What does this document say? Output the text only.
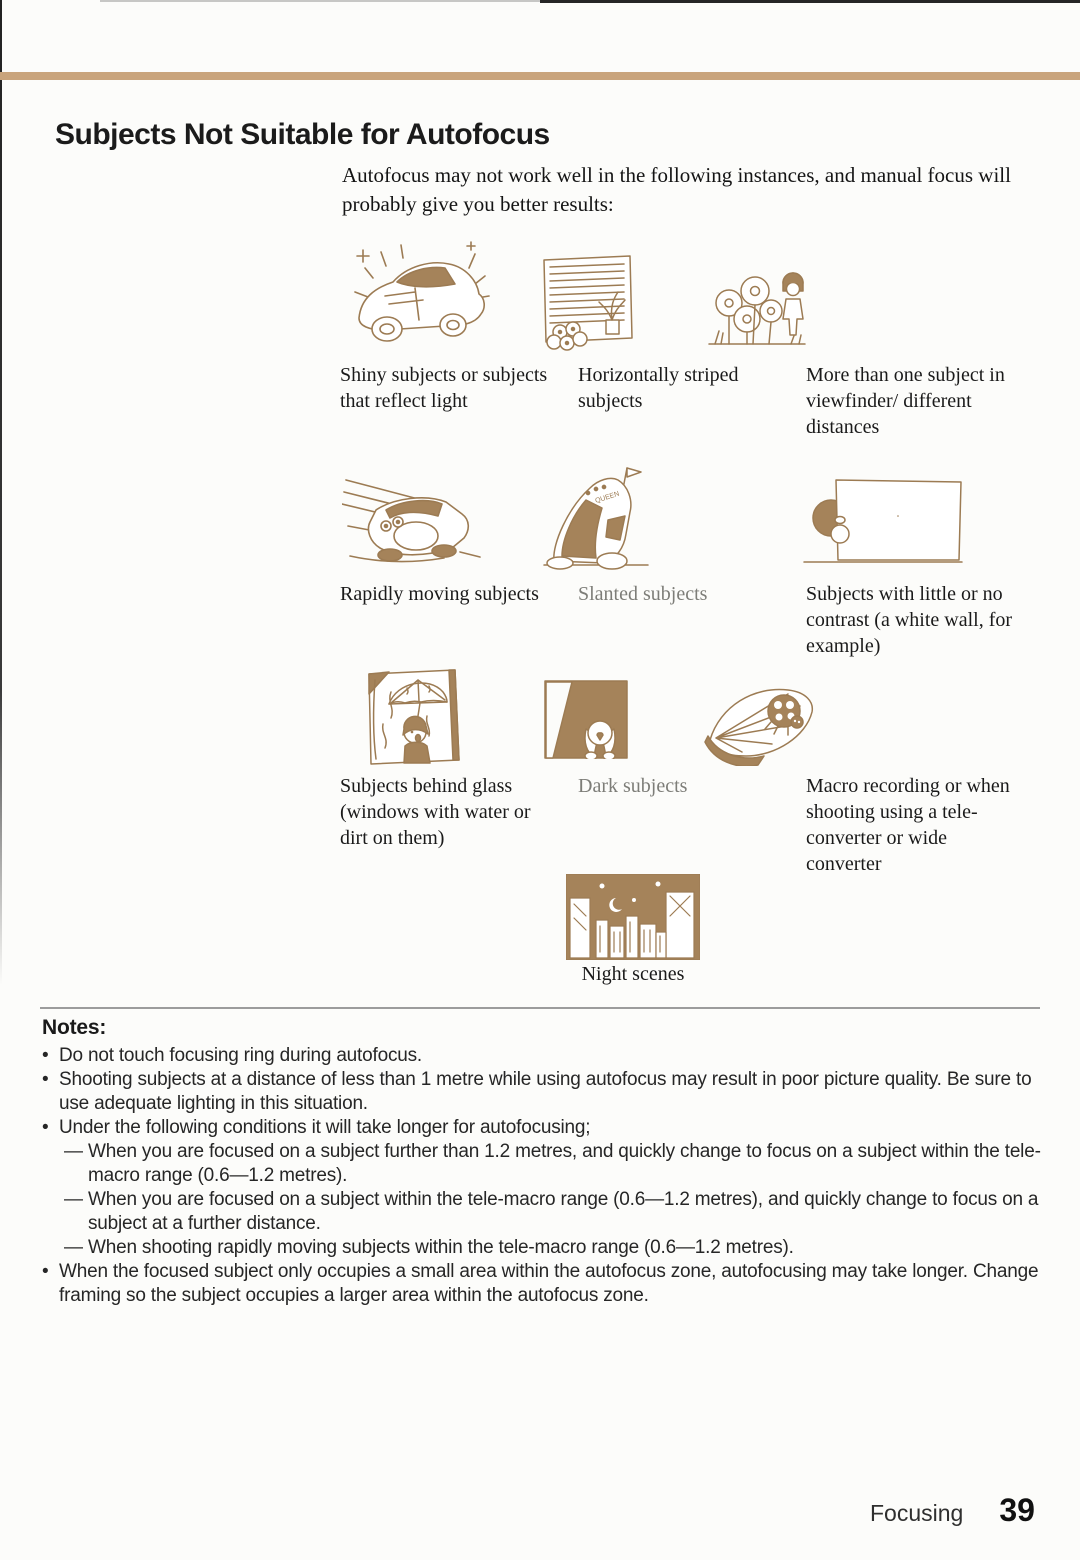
Subjects Not Suitable for Autofocus

Autofocus may not work well in the following instances, and manual focus will probably give you better results:

QUEEN
Shiny subjects or subjects that reflect light
Horizontally striped subjects
More than one subject in viewfinder/ different distances
Rapidly moving subjects	Slanted subjects	Subjects with little or no contrast (a white wall, for example)
Subjects behind glass (windows with water or dirt on them)
Dark subjects	Macro recording or when shooting using a tele-converter or wide converter
Night scenes
Notes:
• Do not touch focusing ring during autofocus.
• Shooting subjects at a distance of less than 1 metre while using autofocus may result in poor picture quality. Be sure to use adequate lighting in this situation.
• Under the following conditions it will take longer for autofocusing;
— When you are focused on a subject further than 1.2 metres, and quickly change to focus on a subject within the tele-macro range (0.6—1.2 metres).
— When you are focused on a subject within the tele-macro range (0.6—1.2 metres), and quickly change to focus on a subject at a further distance.
— When shooting rapidly moving subjects within the tele-macro range (0.6—1.2 metres).
• When the focused subject only occupies a small area within the autofocus zone, autofocusing may take longer. Change framing so the subject occupies a larger area within the autofocus zone.
Focusing 39
